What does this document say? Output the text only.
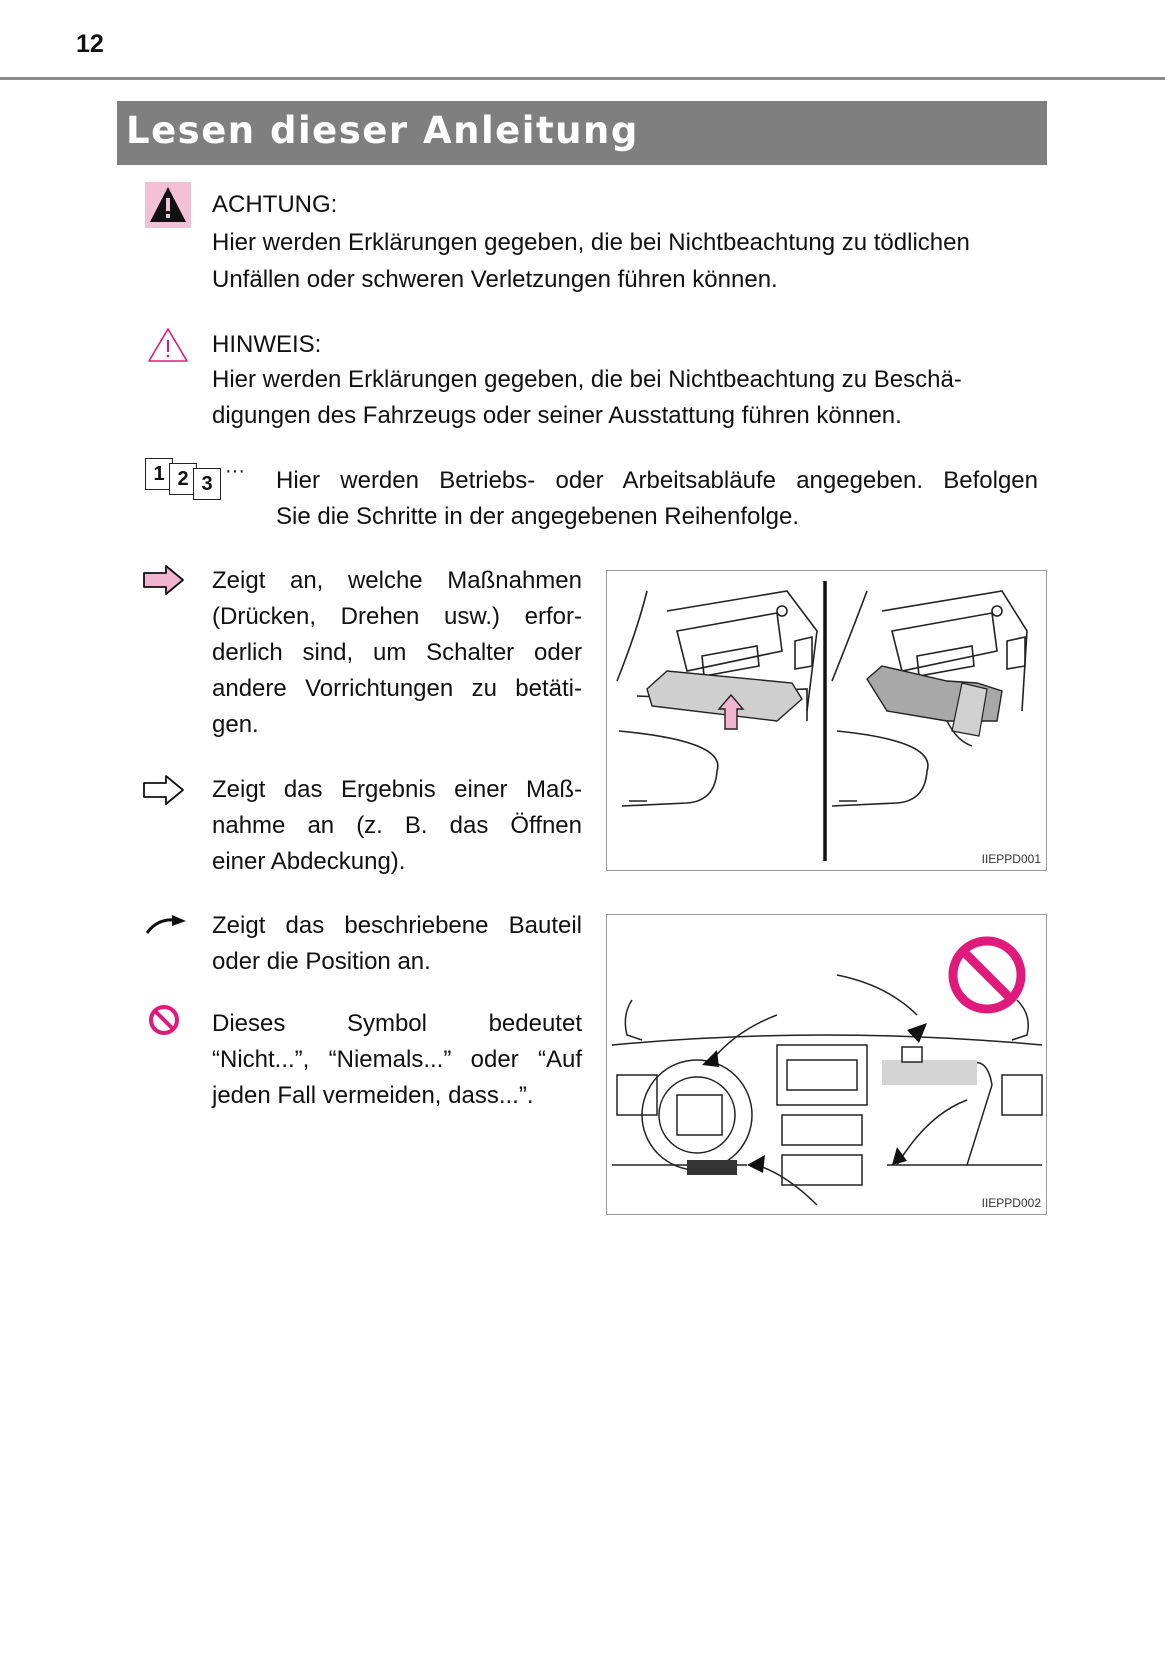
12
Lesen dieser Anleitung
ACHTUNG:
Hier werden Erklärungen gegeben, die bei Nichtbeachtung zu tödlichen
Unfällen oder schweren Verletzungen führen können.
HINWEIS:
Hier werden Erklärungen gegeben, die bei Nichtbeachtung zu Beschä-
digungen des Fahrzeugs oder seiner Ausstattung führen können.
1 2 3
··· Hier werden Betriebs- oder Arbeitsabläufe angegeben. Befolgen
Sie die Schritte in der angegebenen Reihenfolge.

Zeigt an, welche Maßnahmen

(Drücken, Drehen usw.) erfor-

derlich sind, um Schalter oder

andere Vorrichtungen zu betäti-

gen.

Zeigt das Ergebnis einer Maß-

nahme an (z. B. das Öffnen

einer Abdeckung).

Zeigt das beschriebene Bauteil

oder die Position an.

Dieses Symbol bedeutet

“Nicht...”, “Niemals...” oder “Auf

jeden Fall vermeiden, dass...”.

IIEPPD001
IIEPPD002
